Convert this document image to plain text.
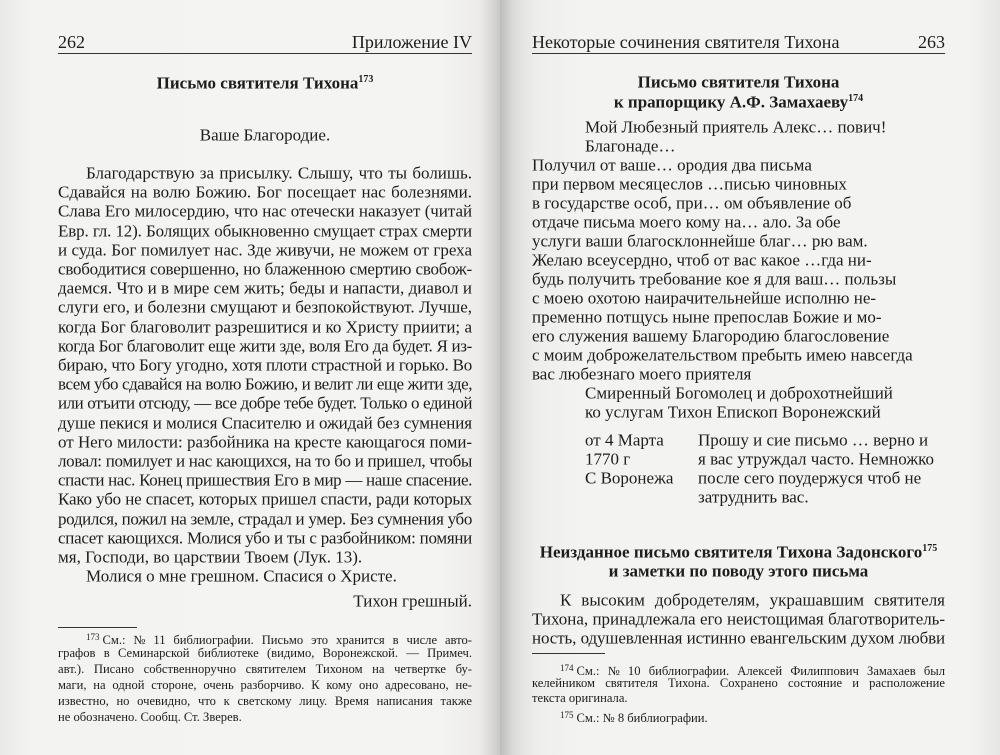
262	Приложение IV
Письмо святителя Тихона$^{173}$
Ваше Благородие.
Благодарствую за присылку. Слышу, что ты болишь.
Сдавайся на волю Божию. Бог посещает нас болезнями.
Слава Его милосердию, что нас отечески наказует (читай
Евр. гл. 12). Болящих обыкновенно смущает страх смерти
и суда. Бог помилует нас. Зде живучи, не можем от греха
свободитися совершенно, но блаженною смертию свобож-
даемся. Что и в мире сем жить; беды и напасти, диавол и
слуги его, и болезни смущают и безпокойствуют. Лучше,
когда Бог благоволит разрешитися и ко Христу приити; а
когда Бог благоволит еще жити зде, воля Его да будет. Я из-
бираю, что Богу угодно, хотя плоти страстной и горько. Во
всем убо сдавайся на волю Божию, и велит ли еще жити зде,
или отъити отсюду, — все добре тебе будет. Только о единой
душе пекися и молися Спасителю и ожидай без сумнения
от Него милости: разбойника на кресте кающагося поми-
ловал: помилует и нас кающихся, на то бо и пришел, чтобы
спасти нас. Конец пришествия Его в мир — наше спасение.
Како убо не спасет, которых пришел спасти, ради которых
родился, пожил на земле, страдал и умер. Без сумнения убо
спасет кающихся. Молися убо и ты с разбойником: помяни
мя, Господи, во царствии Твоем (Лук. 13).
Молися о мне грешном. Спасися о Христе.
Тихон грешный.
$^{173}$ См.: № 11 библиографии. Письмо это хранится в числе авто-
графов в Семинарской библиотеке (видимо, Воронежской. — Примеч.
авт.). Писано собственноручно святителем Тихоном на четвертке бу-
маги, на одной стороне, очень разборчиво. К кому оно адресовано, не-
известно, но очевидно, что к светскому лицу. Время написания также
не обозначено. Сообщ. Ст. Зверев.
Некоторые сочинения святителя Тихона	263
Письмо святителя Тихона
к прапорщику А.Ф. Замахаеву$^{174}$
Мой Любезный приятель Алекс… пoвич!
Благонаде…
Получил от ваше… ородия два письма
при первом месяцеслов …писью чиновных
в государстве особ, при… ом объявление об
отдаче письма моего кому на… ало. За обе
услуги ваши благосклоннейше благ… рю вам.
Желаю всеусердно, чтоб от вас какое …гда ни-
будь получить требование кое я для ваш… пользы
с моею охотою наирачительнейше исполню не-
пременно потщусь ныне препослав Божие и мо-
его служения вашему Благородию благословение
с моим доброжелательством пребыть имею навсегда
вас любезнаго моего приятеля
Смиренный Богомолец и доброхотнейший
ко услугам Тихон Епископ Воронежский
от 4 Марта
1770 г
С Воронежа
Прошу и сие письмо … верно и
я вас утруждал часто. Немножко
после сего поудержуся чтоб не
затруднить вас.
К высоким добродетелям, украшавшим святителя
Тихона, принадлежала его неистощимая благотворитель-
ность, одушевленная истинно евангельским духом любви
Неизданное письмо святителя Тихона Задонского$^{175}$
и заметки по поводу этого письма
$^{174}$ См.: № 10 библиографии. Алексей Филиппович Замахаев был
келейником святителя Тихона. Сохранено состояние и расположение
текста оригинала.
$^{175}$ См.: № 8 библиографии.
